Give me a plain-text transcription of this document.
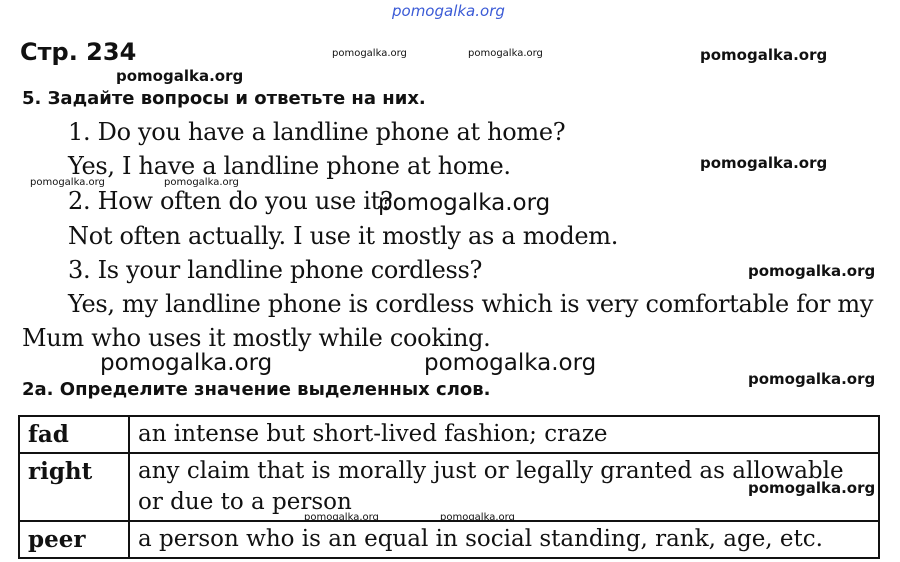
pomogalka.org
Стр. 234	pomogalka.org	pomogalka.org	pomogalka.org
pomogalka.org
5. Задайте вопросы и ответьте на них.
1. Do you have a landline phone at home?
Yes, I have a landline phone at home.	pomogalka.org
pomogalka.org	pomogalka.org
2. How often do you use it?
pomogalka.org
Not often actually. I use it mostly as a modem.
3. Is your landline phone cordless?	pomogalka.org
Yes, my landline phone is cordless which is very comfortable for my
Mum who uses it mostly while cooking.
pomogalka.org	pomogalka.org
pomogalka.org
2а. Определите значение выделенных слов.
fad	an intense but short-lived fashion; craze
right	any claim that is morally just or legally granted as allowable or due to a person
peer	a person who is an equal in social standing, rank, age, etc.
pomogalka.org
pomogalka.org	pomogalka.org
